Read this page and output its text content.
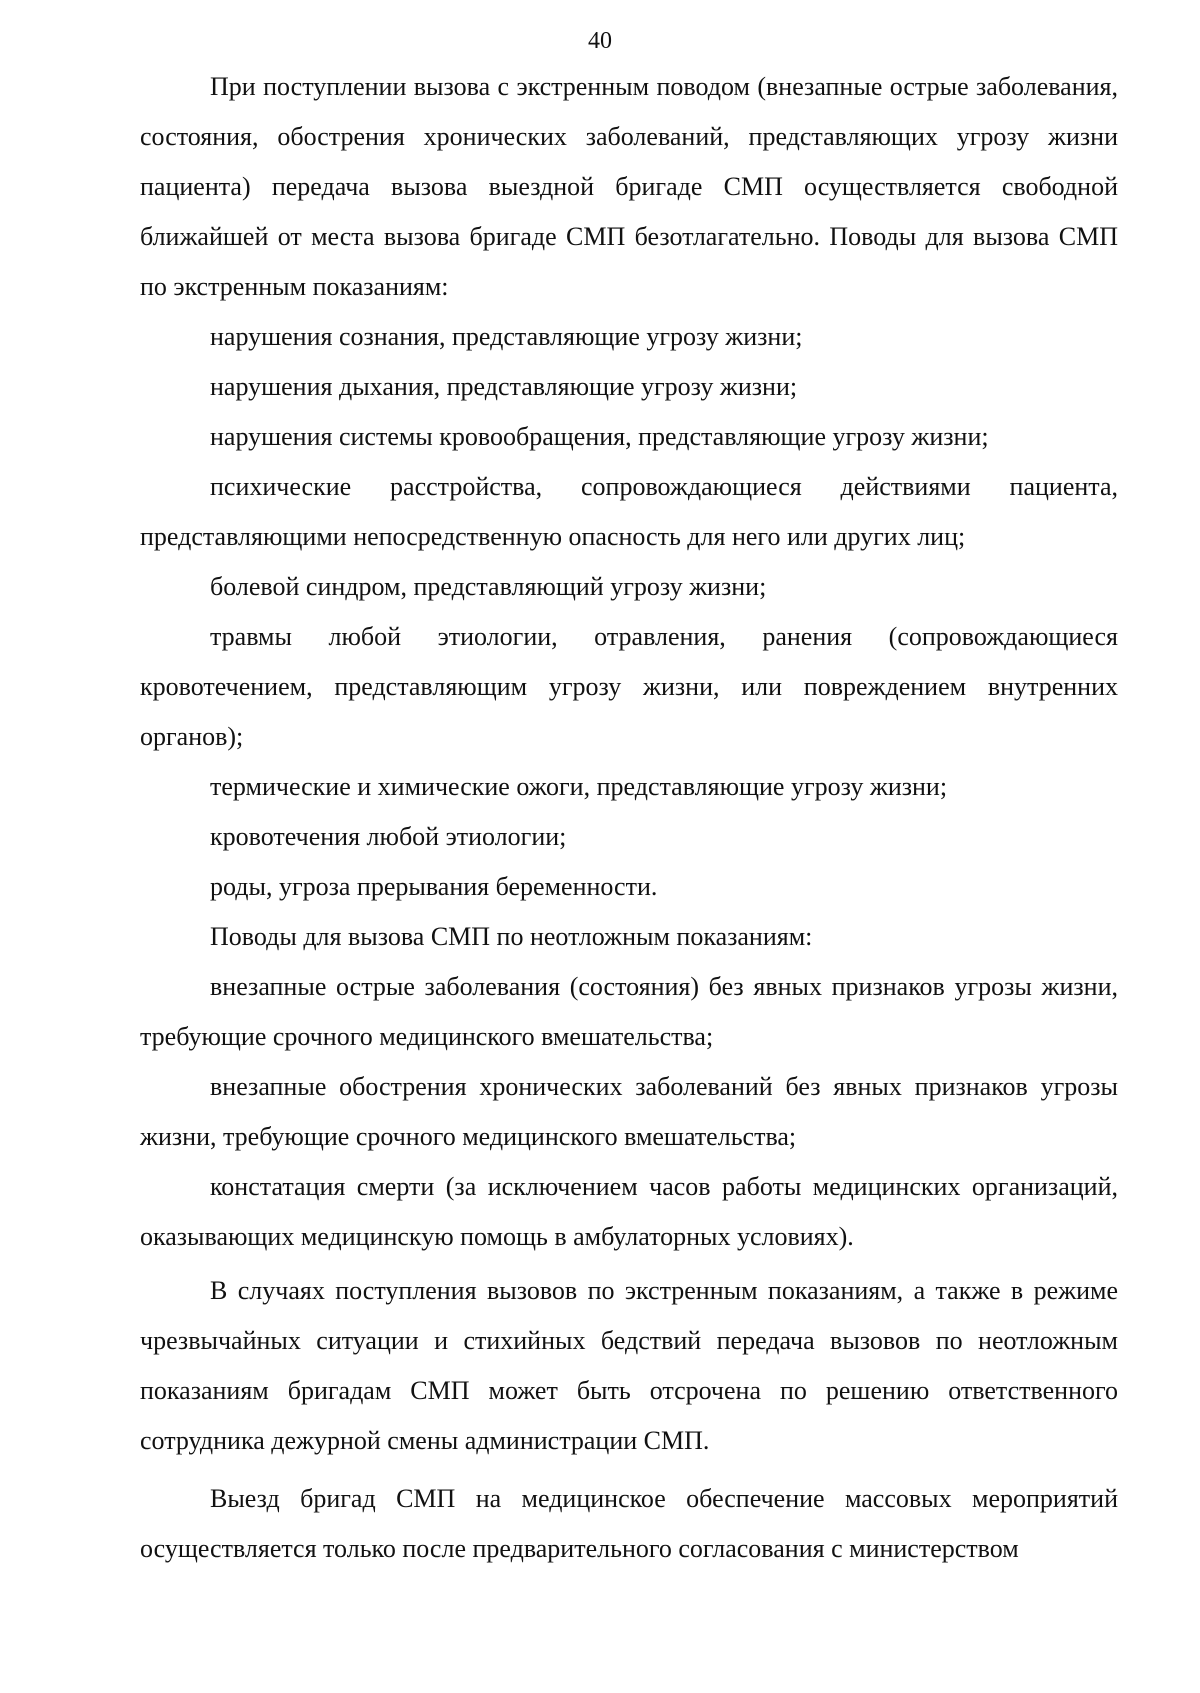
40

При поступлении вызова с экстренным поводом (внезапные острые заболевания, состояния, обострения хронических заболеваний, представляющих угрозу жизни пациента) передача вызова выездной бригаде СМП осуществляется свободной ближайшей от места вызова бригаде СМП безотлагательно. Поводы для вызова СМП по экстренным показаниям:

нарушения сознания, представляющие угрозу жизни;

нарушения дыхания, представляющие угрозу жизни;

нарушения системы кровообращения, представляющие угрозу жизни;

психические расстройства, сопровождающиеся действиями пациента, представляющими непосредственную опасность для него или других лиц;

болевой синдром, представляющий угрозу жизни;

травмы любой этиологии, отравления, ранения (сопровождающиеся кровотечением, представляющим угрозу жизни, или повреждением внутренних органов);

термические и химические ожоги, представляющие угрозу жизни;

кровотечения любой этиологии;

роды, угроза прерывания беременности.

Поводы для вызова СМП по неотложным показаниям:

внезапные острые заболевания (состояния) без явных признаков угрозы жизни, требующие срочного медицинского вмешательства;

внезапные обострения хронических заболеваний без явных признаков угрозы жизни, требующие срочного медицинского вмешательства;

констатация смерти (за исключением часов работы медицинских организаций, оказывающих медицинскую помощь в амбулаторных условиях).

В случаях поступления вызовов по экстренным показаниям, а также в режиме чрезвычайных ситуации и стихийных бедствий передача вызовов по неотложным показаниям бригадам СМП может быть отсрочена по решению ответственного сотрудника дежурной смены администрации СМП.

Выезд бригад СМП на медицинское обеспечение массовых мероприятий осуществляется только после предварительного согласования с министерством
